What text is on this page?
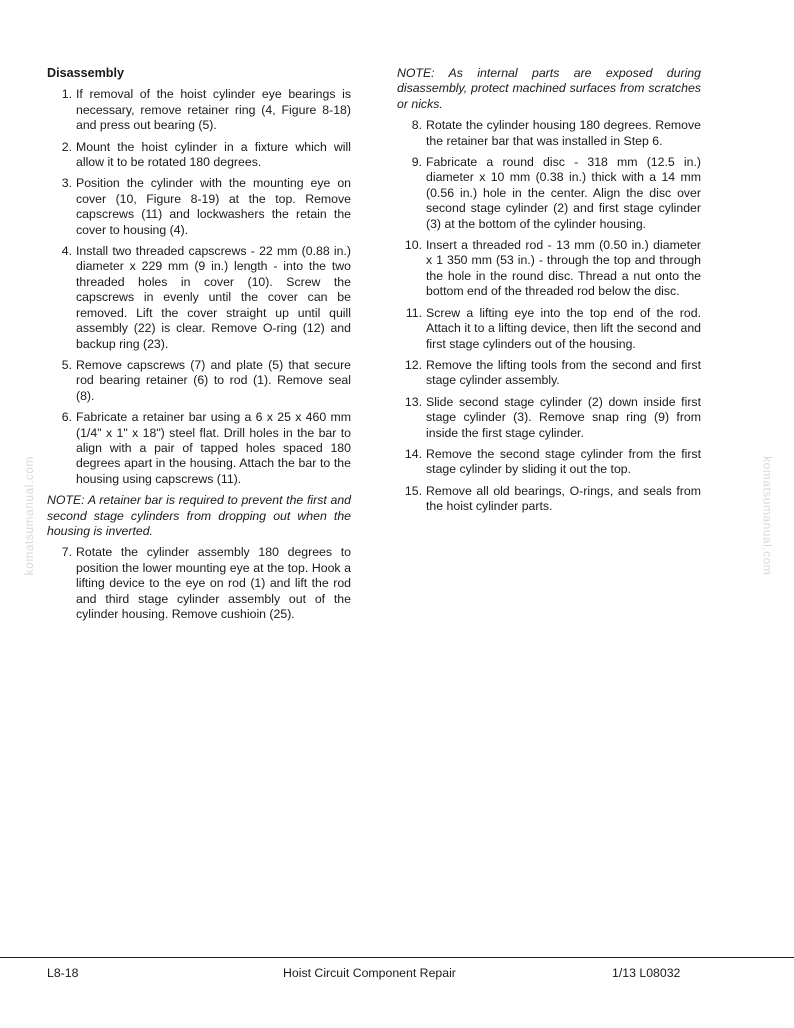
Disassembly
1. If removal of the hoist cylinder eye bearings is necessary, remove retainer ring (4, Figure 8-18) and press out bearing (5).
2. Mount the hoist cylinder in a fixture which will allow it to be rotated 180 degrees.
3. Position the cylinder with the mounting eye on cover (10, Figure 8-19) at the top. Remove capscrews (11) and lockwashers the retain the cover to housing (4).
4. Install two threaded capscrews - 22 mm (0.88 in.) diameter x 229 mm (9 in.) length - into the two threaded holes in cover (10). Screw the capscrews in evenly until the cover can be removed. Lift the cover straight up until quill assembly (22) is clear. Remove O-ring (12) and backup ring (23).
5. Remove capscrews (7) and plate (5) that secure rod bearing retainer (6) to rod (1). Remove seal (8).
6. Fabricate a retainer bar using a 6 x 25 x 460 mm (1/4" x 1" x 18") steel flat. Drill holes in the bar to align with a pair of tapped holes spaced 180 degrees apart in the housing. Attach the bar to the housing using capscrews (11).

NOTE: A retainer bar is required to prevent the first and second stage cylinders from dropping out when the housing is inverted.

7. Rotate the cylinder assembly 180 degrees to position the lower mounting eye at the top. Hook a lifting device to the eye on rod (1) and lift the rod and third stage cylinder assembly out of the cylinder housing. Remove cushioin (25).

NOTE: As internal parts are exposed during disassembly, protect machined surfaces from scratches or nicks.

8. Rotate the cylinder housing 180 degrees. Remove the retainer bar that was installed in Step 6.
9. Fabricate a round disc - 318 mm (12.5 in.) diameter x 10 mm (0.38 in.) thick with a 14 mm (0.56 in.) hole in the center. Align the disc over second stage cylinder (2) and first stage cylinder (3) at the bottom of the cylinder housing.
10. Insert a threaded rod - 13 mm (0.50 in.) diameter x 1 350 mm (53 in.) - through the top and through the hole in the round disc. Thread a nut onto the bottom end of the threaded rod below the disc.
11. Screw a lifting eye into the top end of the rod. Attach it to a lifting device, then lift the second and first stage cylinders out of the housing.
12. Remove the lifting tools from the second and first stage cylinder assembly.
13. Slide second stage cylinder (2) down inside first stage cylinder (3). Remove snap ring (9) from inside the first stage cylinder.
14. Remove the second stage cylinder from the first stage cylinder by sliding it out the top.
15. Remove all old bearings, O-rings, and seals from the hoist cylinder parts.
komatsumanual.com	komatsumanual.com
L8-18	Hoist Circuit Component Repair	1/13 L08032
